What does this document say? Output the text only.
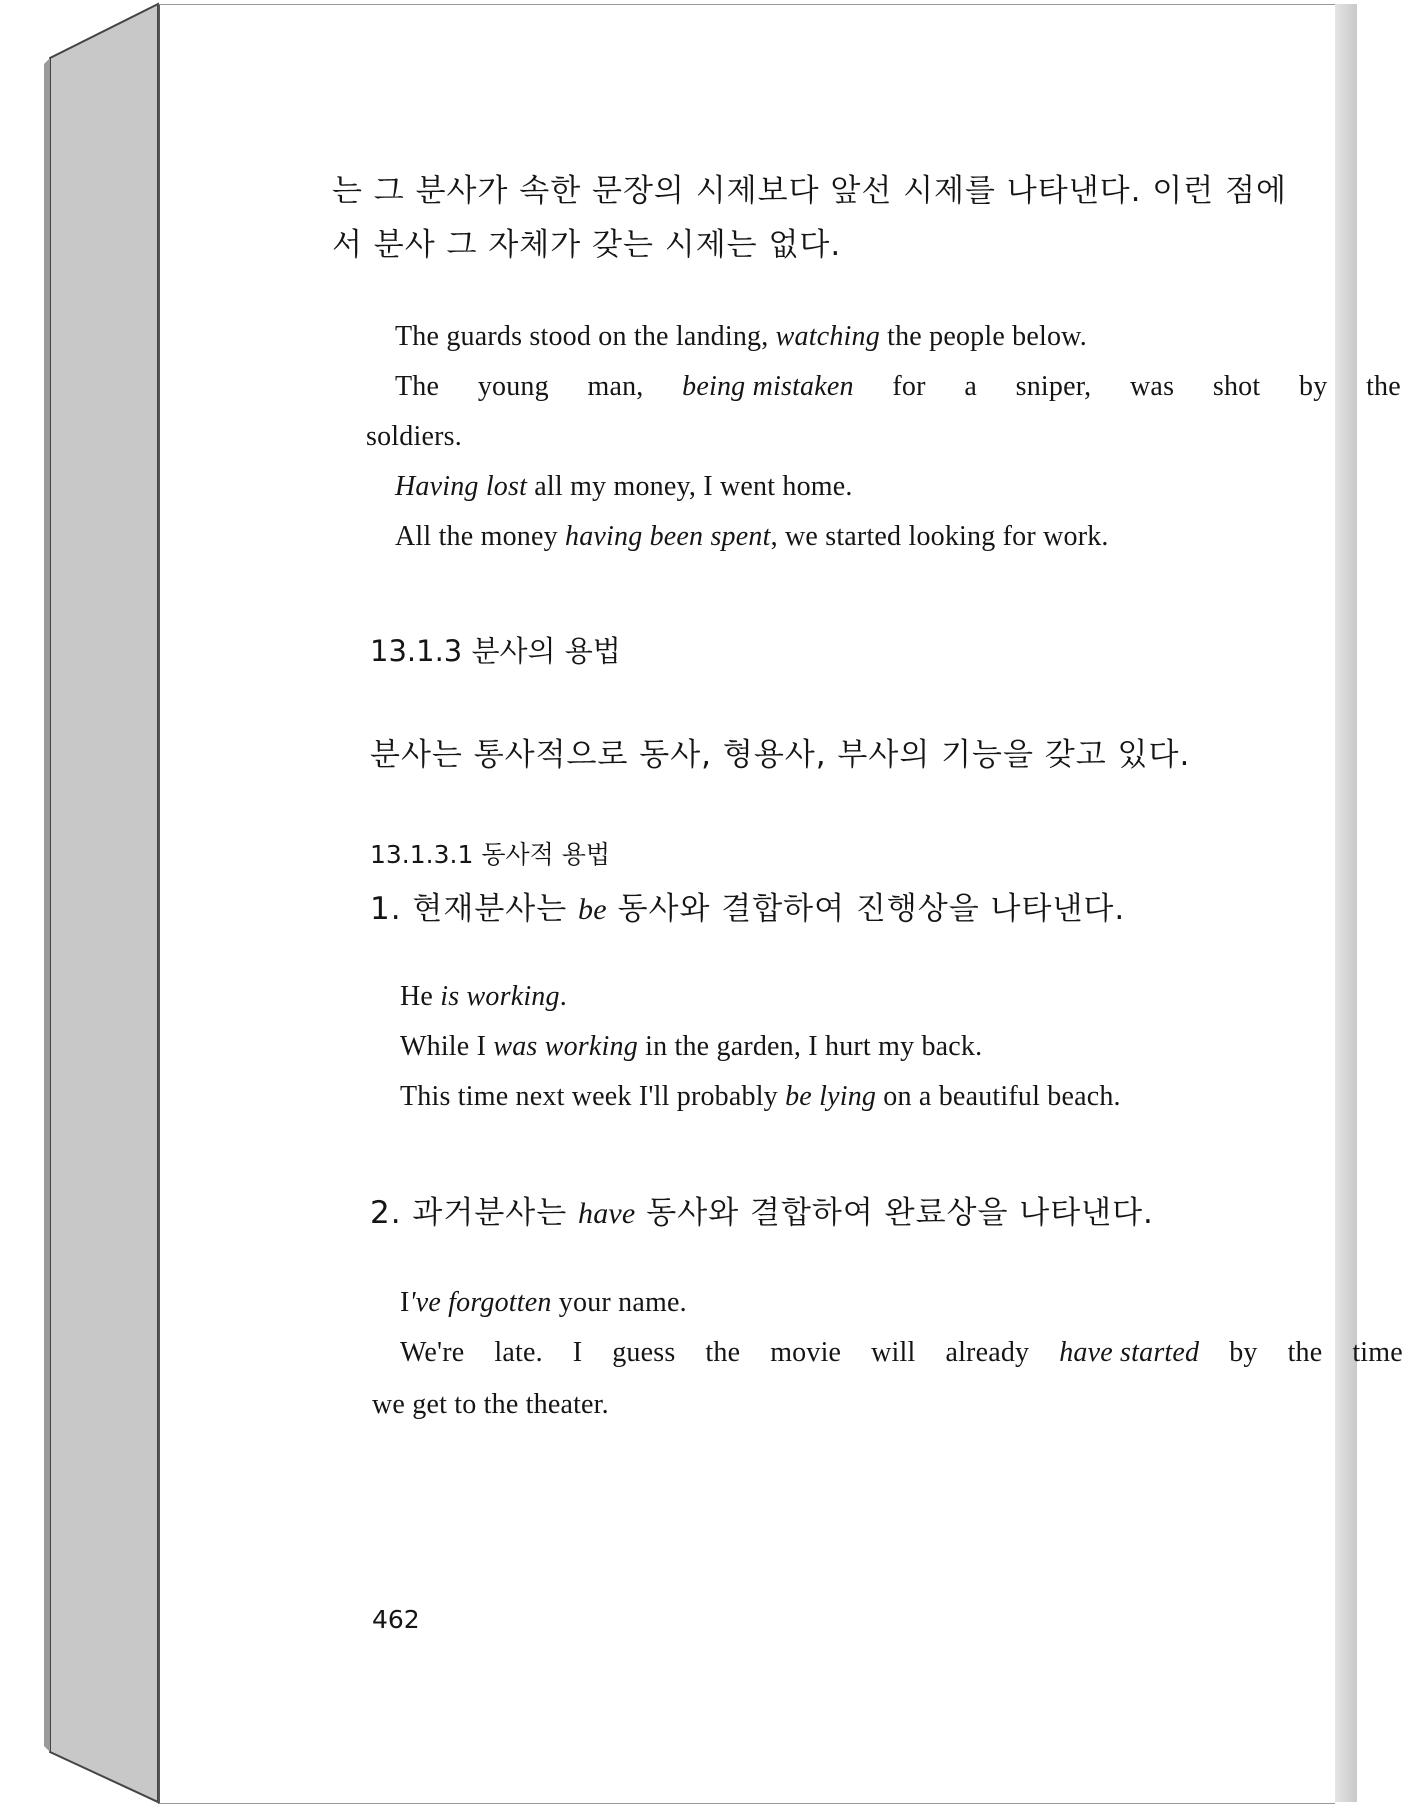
는 그 분사가 속한 문장의 시제보다 앞선 시제를 나타낸다. 이런 점에
서 분사 그 자체가 갖는 시제는 없다.
The guards stood on the landing, watching the people below.
The young man, being mistaken for a sniper, was shot by the
soldiers.
Having lost all my money, I went home.
All the money having been spent, we started looking for work.
13.1.3 분사의 용법
분사는 통사적으로 동사, 형용사, 부사의 기능을 갖고 있다.
13.1.3.1 동사적 용법
1. 현재분사는 be 동사와 결합하여 진행상을 나타낸다.
He is working.
While I was working in the garden, I hurt my back.
This time next week I'll probably be lying on a beautiful beach.
2. 과거분사는 have 동사와 결합하여 완료상을 나타낸다.
I've forgotten your name.
We're late. I guess the movie will already have started by the time
we get to the theater.
462
